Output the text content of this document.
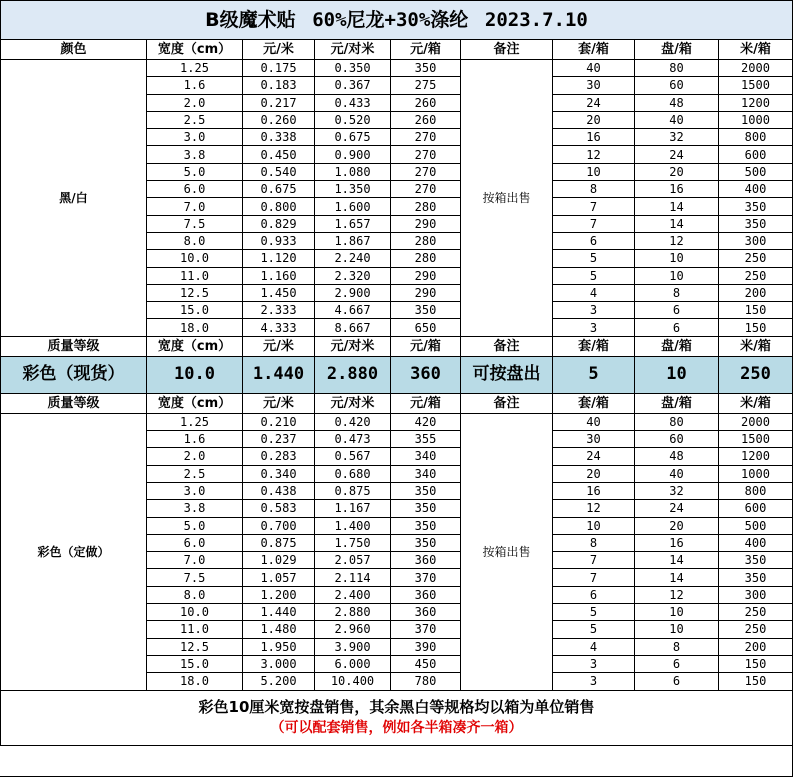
B级魔术贴 60%尼龙+30%涤纶 2023.7.10								
颜色	宽度（cm）	元/米	元/对米	元/箱	备注	套/箱	盘/箱	米/箱
黑/白	1.25	0.175	0.350	350	按箱出售	40	80	2000
	1.6	0.183	0.367	275		30	60	1500
	2.0	0.217	0.433	260		24	48	1200
	2.5	0.260	0.520	260		20	40	1000
	3.0	0.338	0.675	270		16	32	800
	3.8	0.450	0.900	270		12	24	600
	5.0	0.540	1.080	270		10	20	500
	6.0	0.675	1.350	270		8	16	400
	7.0	0.800	1.600	280		7	14	350
	7.5	0.829	1.657	290		7	14	350
	8.0	0.933	1.867	280		6	12	300
	10.0	1.120	2.240	280		5	10	250
	11.0	1.160	2.320	290		5	10	250
	12.5	1.450	2.900	290		4	8	200
	15.0	2.333	4.667	350		3	6	150
	18.0	4.333	8.667	650		3	6	150
质量等级	宽度（cm）	元/米	元/对米	元/箱	备注	套/箱	盘/箱	米/箱
彩色（现货）	10.0	1.440	2.880	360	可按盘出	5	10	250
质量等级	宽度（cm）	元/米	元/对米	元/箱	备注	套/箱	盘/箱	米/箱
彩色（定做）	1.25	0.210	0.420	420	按箱出售	40	80	2000
	1.6	0.237	0.473	355		30	60	1500
	2.0	0.283	0.567	340		24	48	1200
	2.5	0.340	0.680	340		20	40	1000
	3.0	0.438	0.875	350		16	32	800
	3.8	0.583	1.167	350		12	24	600
	5.0	0.700	1.400	350		10	20	500
	6.0	0.875	1.750	350		8	16	400
	7.0	1.029	2.057	360		7	14	350
	7.5	1.057	2.114	370		7	14	350
	8.0	1.200	2.400	360		6	12	300
	10.0	1.440	2.880	360		5	10	250
	11.0	1.480	2.960	370		5	10	250
	12.5	1.950	3.900	390		4	8	200
	15.0	3.000	6.000	450		3	6	150
	18.0	5.200	10.400	780		3	6	150

彩色10厘米宽按盘销售，其余黑白等规格均以箱为单位销售
（可以配套销售，例如各半箱凑齐一箱）								
